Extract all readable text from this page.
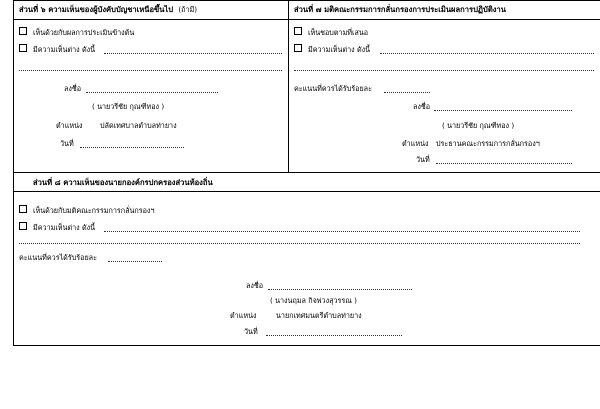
ส่วนที่ ๖ ความเห็นของผู้บังคับบัญชาเหนือขึ้นไป (ถ้ามี)
เห็นด้วยกับผลการประเมินข้างต้น
มีความเห็นต่าง ดังนี้
ลงชื่อ
( นายวรีชัย กุณฑีทอง )
ตำแหน่ง ปลัดเทศบาลตำบลท่ายาง
วันที่
ส่วนที่ ๗ มติคณะกรรมการกลั่นกรองการประเมินผลการปฏิบัติงาน
เห็นชอบตามที่เสนอ
มีความเห็นต่าง ดังนี้
คะแนนที่ควรได้รับร้อยละ
ลงชื่อ
( นายวรีชัย กุณฑีทอง )
ตำแหน่ง ประธานคณะกรรมการกลั่นกรองฯ
วันที่
ส่วนที่ ๘ ความเห็นของนายกองค์กรปกครองส่วนท้องถิ่น
เห็นด้วยกับมติคณะกรรมการกลั่นกรองฯ
มีความเห็นต่าง ดังนี้
คะแนนที่ควรได้รับร้อยละ
ลงชื่อ
( นางนฤมล กิจพ่วงสุวรรณ )
ตำแหน่ง	นายกเทศมนตรีตำบลท่ายาง
วันที่
